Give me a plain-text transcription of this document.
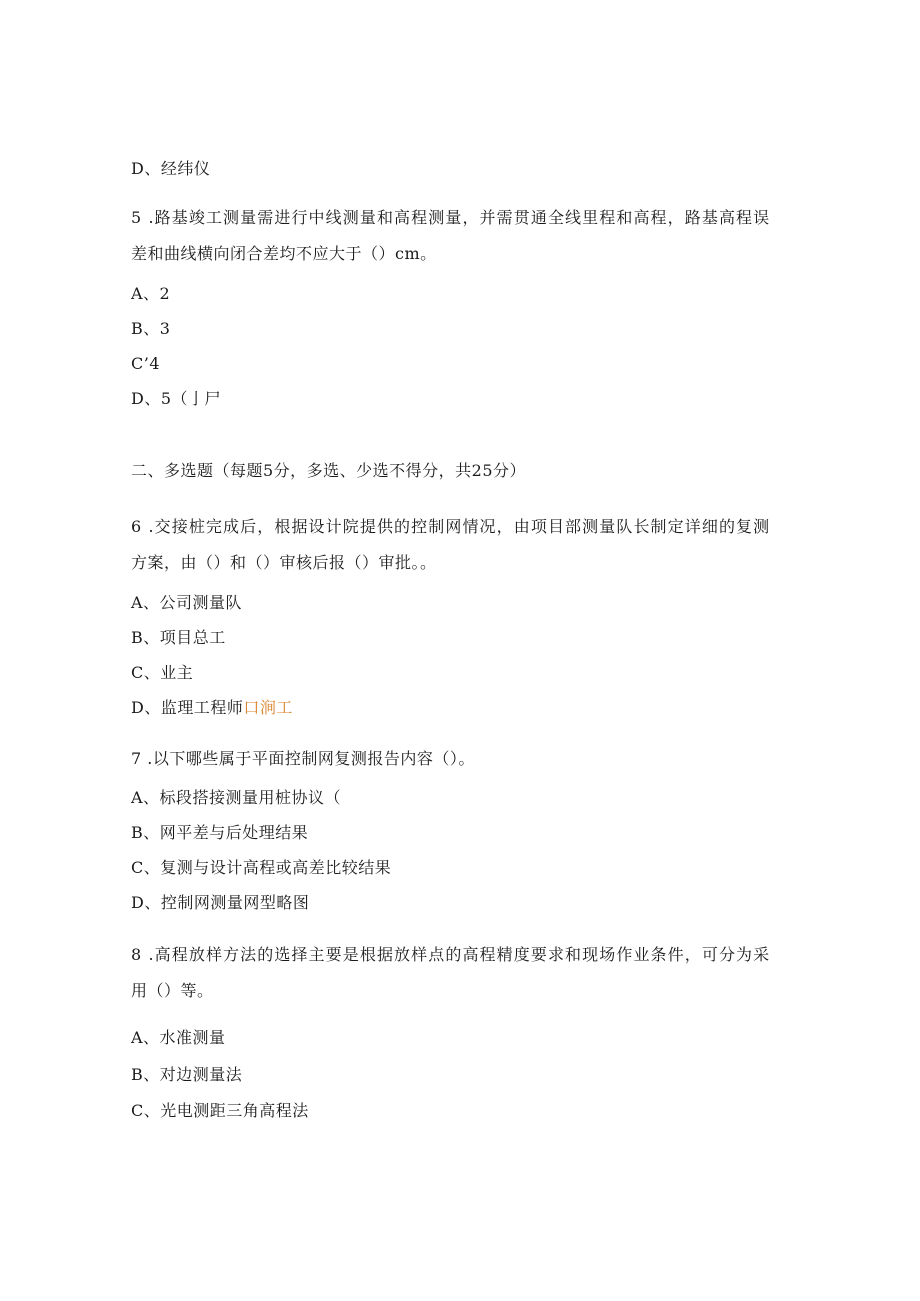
D、经纬仪
5 .路基竣工测量需进行中线测量和高程测量，并需贯通全线里程和高程，路基高程误
差和曲线横向闭合差均不应大于（）cm。
A、2
B、3
C’4
D、5（亅尸
二、多选题（每题5分，多选、少选不得分，共25分）
6 .交接桩完成后，根据设计院提供的控制网情况，由项目部测量队长制定详细的复测
方案，由（）和（）审核后报（）审批。。
A、公司测量队
B、项目总工
C、业主
D、监理工程师口涧工
7 .以下哪些属于平面控制网复测报告内容（）。
A、标段搭接测量用桩协议（
B、网平差与后处理结果
C、复测与设计高程或高差比较结果
D、控制网测量网型略图
8 .高程放样方法的选择主要是根据放样点的高程精度要求和现场作业条件，可分为采
用（）等。
A、水准测量
B、对边测量法
C、光电测距三角高程法
